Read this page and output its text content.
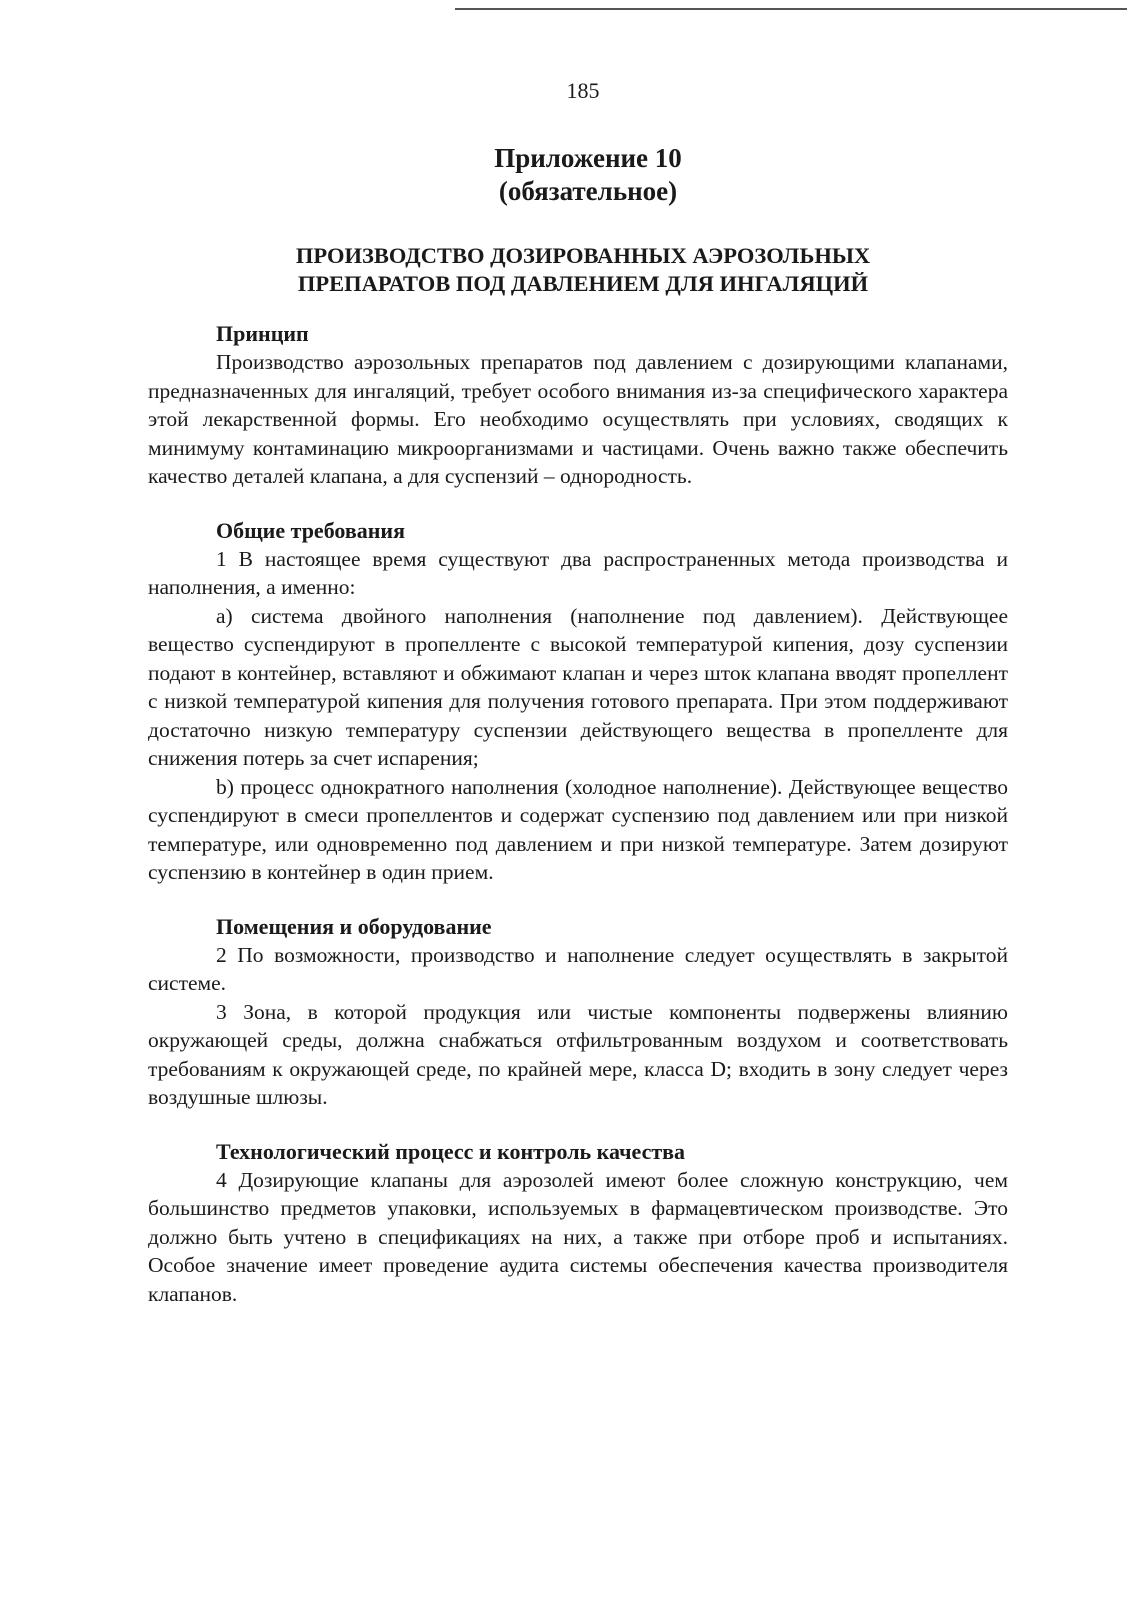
185
Приложение 10
(обязательное)
ПРОИЗВОДСТВО ДОЗИРОВАННЫХ АЭРОЗОЛЬНЫХ
ПРЕПАРАТОВ ПОД ДАВЛЕНИЕМ ДЛЯ ИНГАЛЯЦИЙ
Принцип

Производство аэрозольных препаратов под давлением с дозирующими клапанами, предназначенных для ингаляций, требует особого внимания из-за специфического характера этой лекарственной формы. Его необходимо осуществлять при условиях, сводящих к минимуму контаминацию микроорганизмами и частицами. Очень важно также обеспечить качество деталей клапана, а для суспензий – однородность.

Общие требования

1 В настоящее время существуют два распространенных метода производства и наполнения, а именно:

a) система двойного наполнения (наполнение под давлением). Действующее вещество суспендируют в пропелленте с высокой температурой кипения, дозу суспензии подают в контейнер, вставляют и обжимают клапан и через шток клапана вводят пропеллент с низкой температурой кипения для получения готового препарата. При этом поддерживают достаточно низкую температуру суспензии действующего вещества в пропелленте для снижения потерь за счет испарения;

b) процесс однократного наполнения (холодное наполнение). Действующее вещество суспендируют в смеси пропеллентов и содержат суспензию под давлением или при низкой температуре, или одновременно под давлением и при низкой температуре. Затем дозируют суспензию в контейнер в один прием.

Помещения и оборудование

2 По возможности, производство и наполнение следует осуществлять в закрытой системе.

3 Зона, в которой продукция или чистые компоненты подвержены влиянию окружающей среды, должна снабжаться отфильтрованным воздухом и соответствовать требованиям к окружающей среде, по крайней мере, класса D; входить в зону следует через воздушные шлюзы.

Технологический процесс и контроль качества

4 Дозирующие клапаны для аэрозолей имеют более сложную конструкцию, чем большинство предметов упаковки, используемых в фармацевтическом производстве. Это должно быть учтено в спецификациях на них, а также при отборе проб и испытаниях. Особое значение имеет проведение аудита системы обеспечения качества производителя клапанов.
